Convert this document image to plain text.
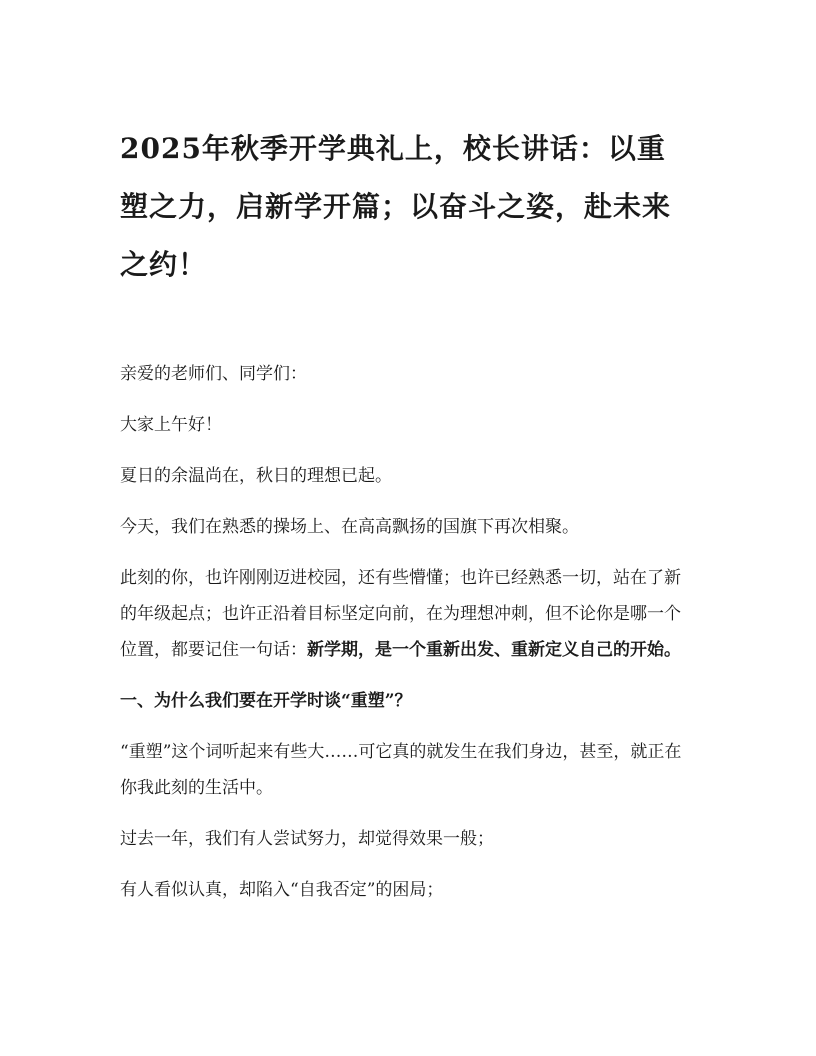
2025年秋季开学典礼上，校长讲话：以重塑之力，启新学开篇；以奋斗之姿，赴未来之约！

亲爱的老师们、同学们：

大家上午好！

夏日的余温尚在，秋日的理想已起。

今天，我们在熟悉的操场上、在高高飘扬的国旗下再次相聚。

此刻的你，也许刚刚迈进校园，还有些懵懂；也许已经熟悉一切，站在了新的年级起点；也许正沿着目标坚定向前，在为理想冲刺，但不论你是哪一个位置，都要记住一句话：新学期，是一个重新出发、重新定义自己的开始。

一、为什么我们要在开学时谈“重塑”？

“重塑”这个词听起来有些大……可它真的就发生在我们身边，甚至，就正在你我此刻的生活中。

过去一年，我们有人尝试努力，却觉得效果一般；

有人看似认真，却陷入“自我否定”的困局；
